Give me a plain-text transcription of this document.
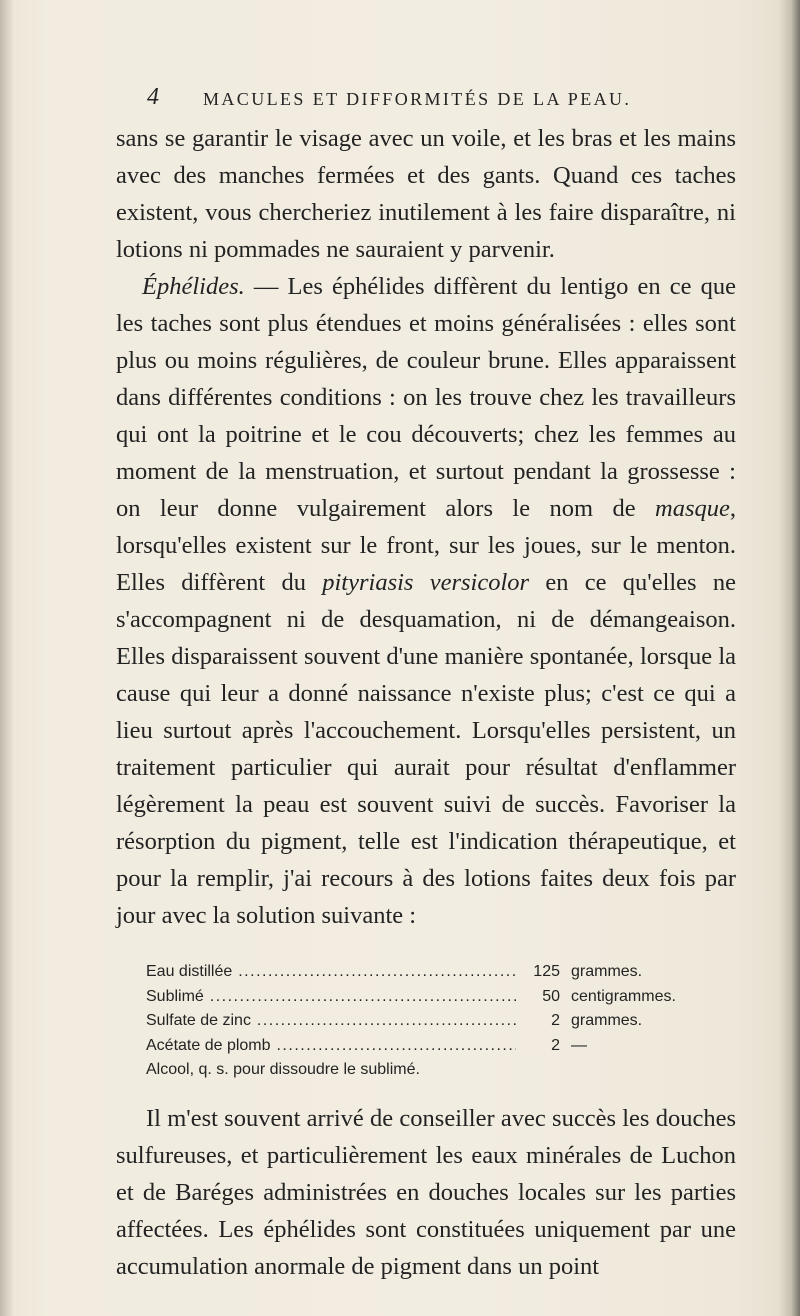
4 MACULES ET DIFFORMITÉS DE LA PEAU.

sans se garantir le visage avec un voile, et les bras et les mains avec des manches fermées et des gants. Quand ces taches existent, vous chercheriez inutilement à les faire disparaître, ni lotions ni pommades ne sauraient y parvenir.

Éphélides. — Les éphélides diffèrent du lentigo en ce que les taches sont plus étendues et moins généralisées : elles sont plus ou moins régulières, de couleur brune. Elles apparaissent dans différentes conditions : on les trouve chez les travailleurs qui ont la poitrine et le cou découverts; chez les femmes au moment de la menstruation, et surtout pendant la grossesse : on leur donne vulgairement alors le nom de masque, lorsqu'elles existent sur le front, sur les joues, sur le menton. Elles diffèrent du pityriasis versicolor en ce qu'elles ne s'accompagnent ni de desquamation, ni de démangeaison. Elles disparaissent souvent d'une manière spontanée, lorsque la cause qui leur a donné naissance n'existe plus; c'est ce qui a lieu surtout après l'accouchement. Lorsqu'elles persistent, un traitement particulier qui aurait pour résultat d'enflammer légèrement la peau est souvent suivi de succès. Favoriser la résorption du pigment, telle est l'indication thérapeutique, et pour la remplir, j'ai recours à des lotions faites deux fois par jour avec la solution suivante :

Eau distillée .....	125 grammes.
Sublimé .....	50 centigrammes.
Sulfate de zinc .....	2 grammes.
Acétate de plomb .....	2 —
Alcool, q. s. pour dissoudre le sublimé.

Il m'est souvent arrivé de conseiller avec succès les douches sulfureuses, et particulièrement les eaux minérales de Luchon et de Baréges administrées en douches locales sur les parties affectées. Les éphélides sont constituées uniquement par une accumulation anormale de pigment dans un point
